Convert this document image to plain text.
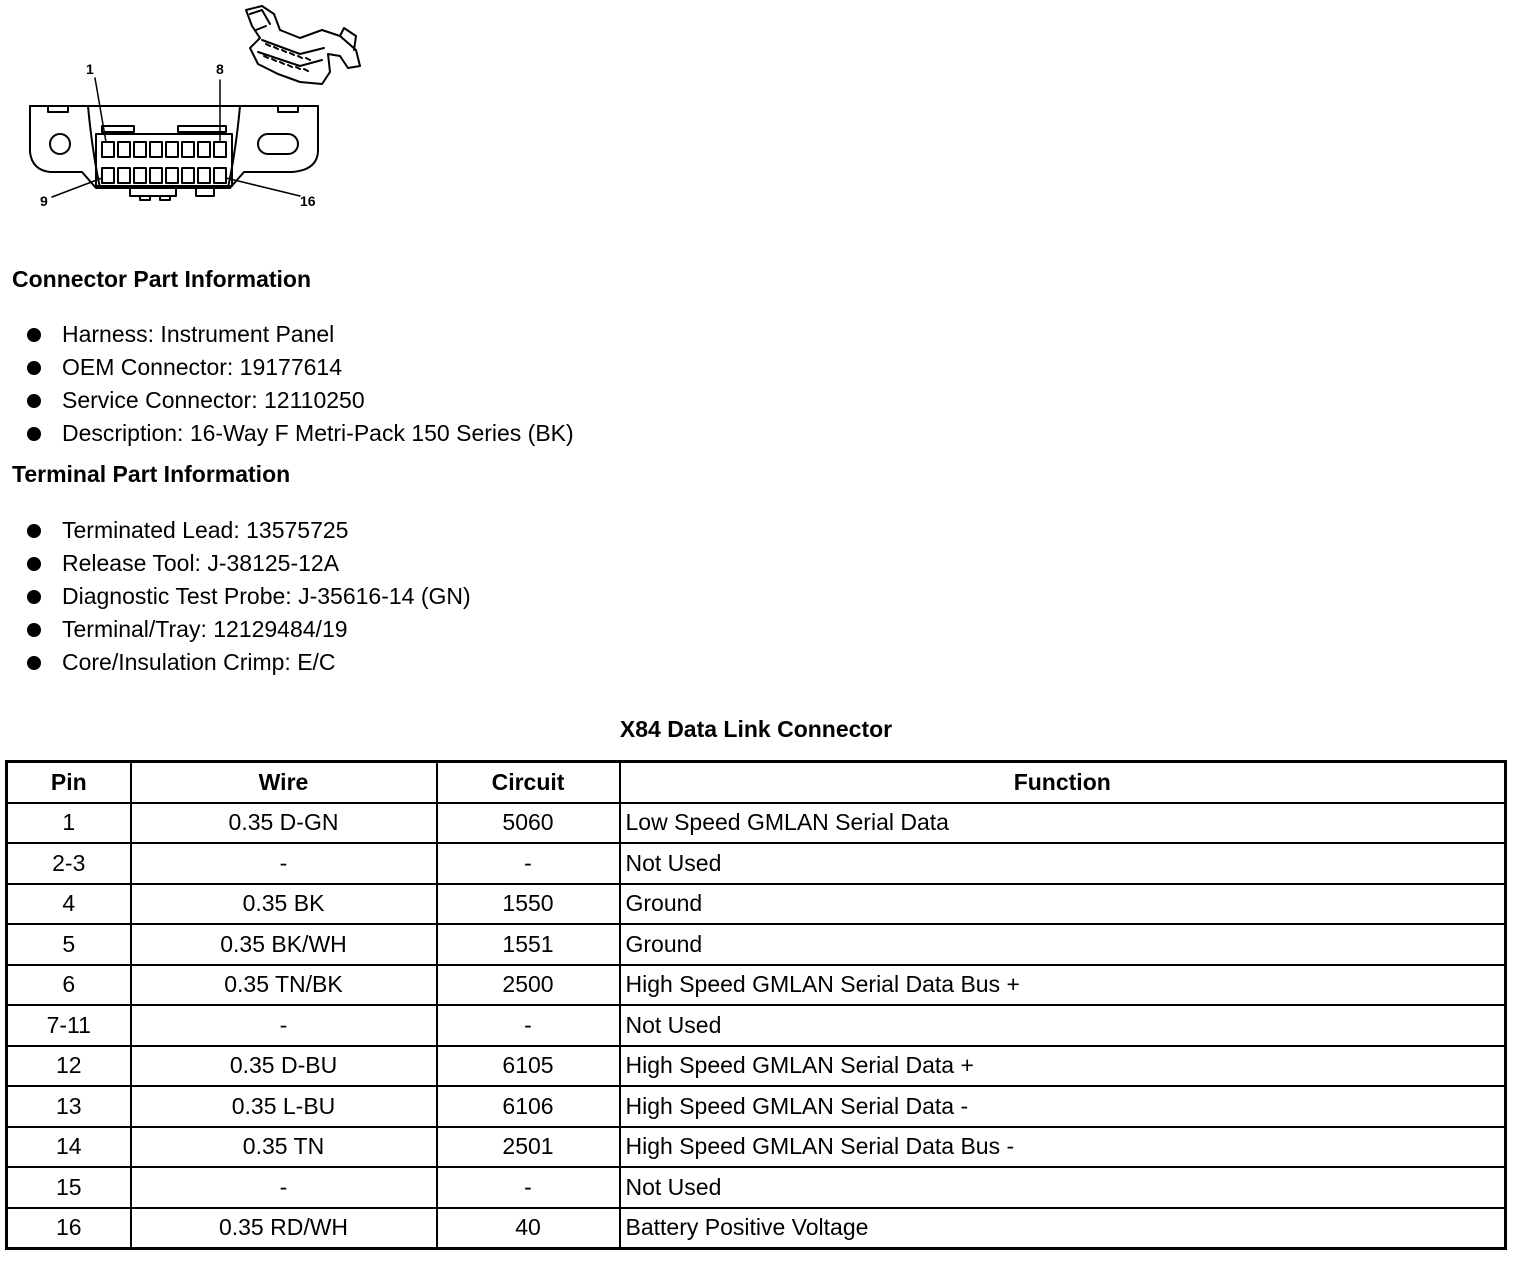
1	8
9	16
Connector Part Information
Harness: Instrument Panel
OEM Connector: 19177614
Service Connector: 12110250
Description: 16-Way F Metri-Pack 150 Series (BK)
Terminal Part Information
Terminated Lead: 13575725
Release Tool: J-38125-12A
Diagnostic Test Probe: J-35616-14 (GN)
Terminal/Tray: 12129484/19
Core/Insulation Crimp: E/C
X84 Data Link Connector
Pin	Wire	Circuit	Function
1	0.35 D-GN	5060	Low Speed GMLAN Serial Data
2-3	-	-	Not Used
4	0.35 BK	1550	Ground
5	0.35 BK/WH	1551	Ground
6	0.35 TN/BK	2500	High Speed GMLAN Serial Data Bus +
7-11	-	-	Not Used
12	0.35 D-BU	6105	High Speed GMLAN Serial Data +
13	0.35 L-BU	6106	High Speed GMLAN Serial Data -
14	0.35 TN	2501	High Speed GMLAN Serial Data Bus -
15	-	-	Not Used
16	0.35 RD/WH	40	Battery Positive Voltage
